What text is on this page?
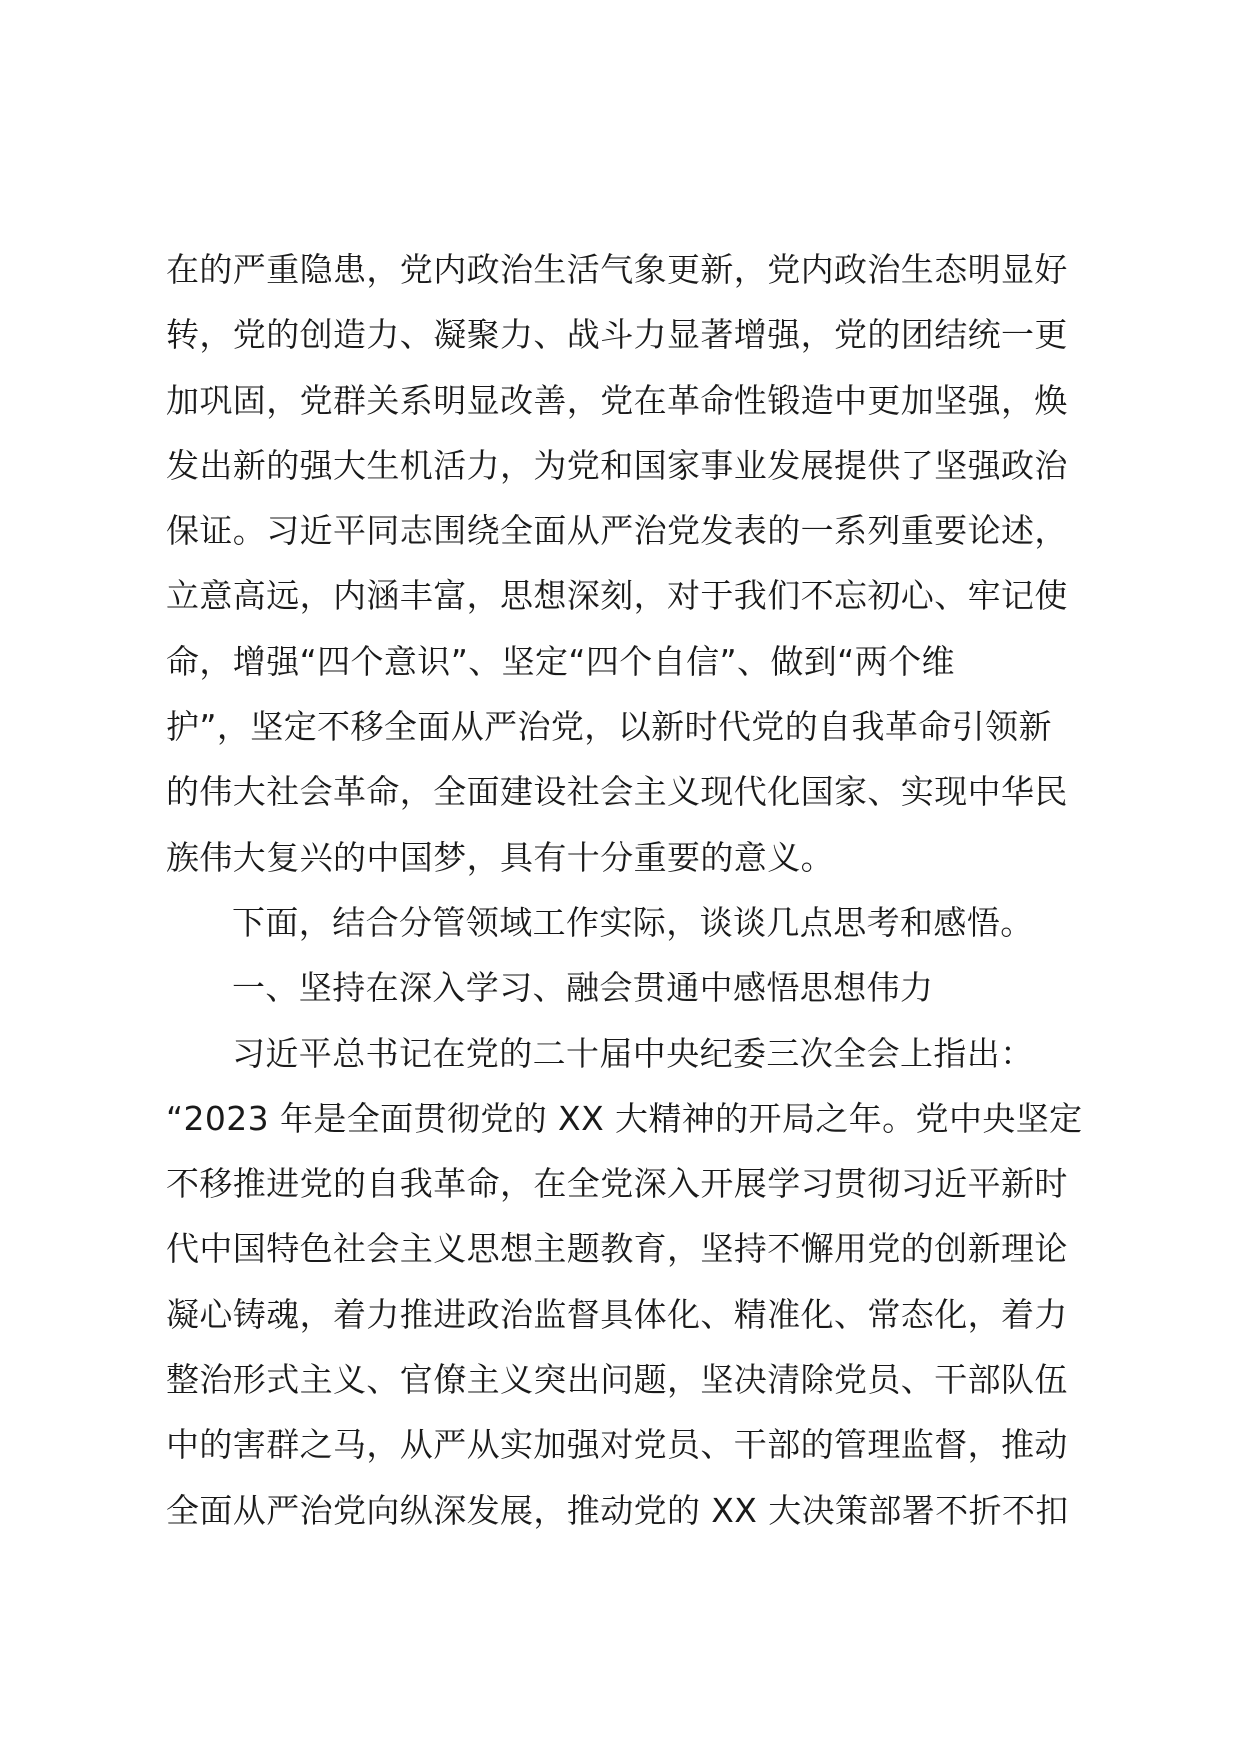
在的严重隐患，党内政治生活气象更新，党内政治生态明显好
转，党的创造力、凝聚力、战斗力显著增强，党的团结统一更
加巩固，党群关系明显改善，党在革命性锻造中更加坚强，焕
发出新的强大生机活力，为党和国家事业发展提供了坚强政治
保证。习近平同志围绕全面从严治党发表的一系列重要论述，
立意高远，内涵丰富，思想深刻，对于我们不忘初心、牢记使
命，增强“四个意识”、坚定“四个自信”、做到“两个维
护”，坚定不移全面从严治党，以新时代党的自我革命引领新
的伟大社会革命，全面建设社会主义现代化国家、实现中华民
族伟大复兴的中国梦，具有十分重要的意义。
下面，结合分管领域工作实际，谈谈几点思考和感悟。
一、坚持在深入学习、融会贯通中感悟思想伟力
习近平总书记在党的二十届中央纪委三次全会上指出：
“2023 年是全面贯彻党的 XX 大精神的开局之年。党中央坚定
不移推进党的自我革命，在全党深入开展学习贯彻习近平新时
代中国特色社会主义思想主题教育，坚持不懈用党的创新理论
凝心铸魂，着力推进政治监督具体化、精准化、常态化，着力
整治形式主义、官僚主义突出问题，坚决清除党员、干部队伍
中的害群之马，从严从实加强对党员、干部的管理监督，推动
全面从严治党向纵深发展，推动党的 XX 大决策部署不折不扣
